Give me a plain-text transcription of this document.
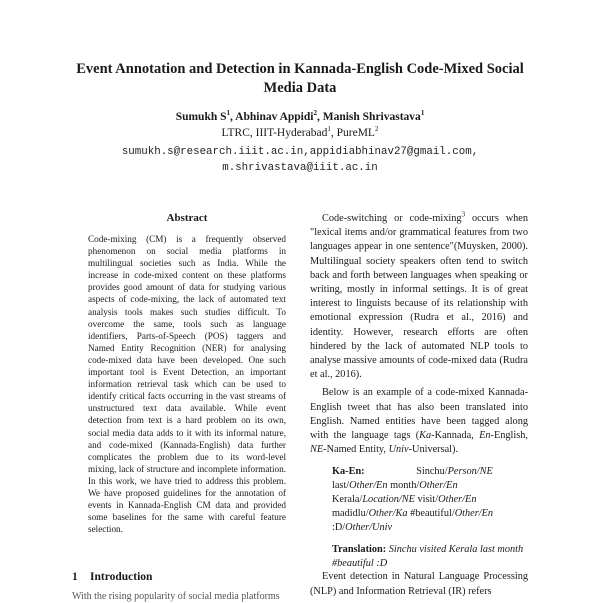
Event Annotation and Detection in Kannada-English Code-Mixed Social Media Data
Sumukh $S^1$, Abhinav Appidi$^2$, Manish Shrivastava$^1$
LTRC, IIIT-Hyderabad$^1$, PureML$^2$
sumukh.s@research.iiit.ac.in,appidiabhinav27@gmail.com,
m.shrivastava@iiit.ac.in
Abstract

Code-mixing (CM) is a frequently observed phenomenon on social media platforms in multilingual societies such as India. While the increase in code-mixed content on these platforms provides good amount of data for studying various aspects of code-mixing, the lack of automated text analysis tools makes such studies difficult. To overcome the same, tools such as language identifiers, Parts-of-Speech (POS) taggers and Named Entity Recognition (NER) for analysing code-mixed data have been developed. One such important tool is Event Detection, an important information retrieval task which can be used to identify critical facts occurring in the vast streams of unstructured text data available. While event detection from text is a hard problem on its own, social media data adds to it with its informal nature, and code-mixed (Kannada-English) data further complicates the problem due to its word-level mixing, lack of structure and incomplete information. In this work, we have tried to address this problem. We have proposed guidelines for the annotation of events in Kannada-English CM data and provided some baselines for the same with careful feature selection.

1 Introduction
With the rising popularity of social media platforms

Code-switching or code-mixing$^3$ occurs when "lexical items and/or grammatical features from two languages appear in one sentence"(Muysken, 2000). Multilingual society speakers often tend to switch back and forth between languages when speaking or writing, mostly in informal settings. It is of great interest to linguists because of its relationship with emotional expression (Rudra et al., 2016) and identity. However, research efforts are often hindered by the lack of automated NLP tools to analyse massive amounts of code-mixed data (Rudra et al., 2016).

Below is an example of a code-mixed Kannada-English tweet that has also been translated into English. Named entities have been tagged along with the language tags (Ka-Kannada, En-English, NE-Named Entity, Univ-Universal).

Ka-En:	Sinchu/Person/NE last/Other/En month/Other/En Kerala/Location/NE visit/Other/En madidlu/Other/Ka #beautiful/Other/En :D/Other/Univ
Translation: Sinchu visited Kerala last month #beautiful :D

Event detection in Natural Language Processing (NLP) and Information Retrieval (IR) refers
